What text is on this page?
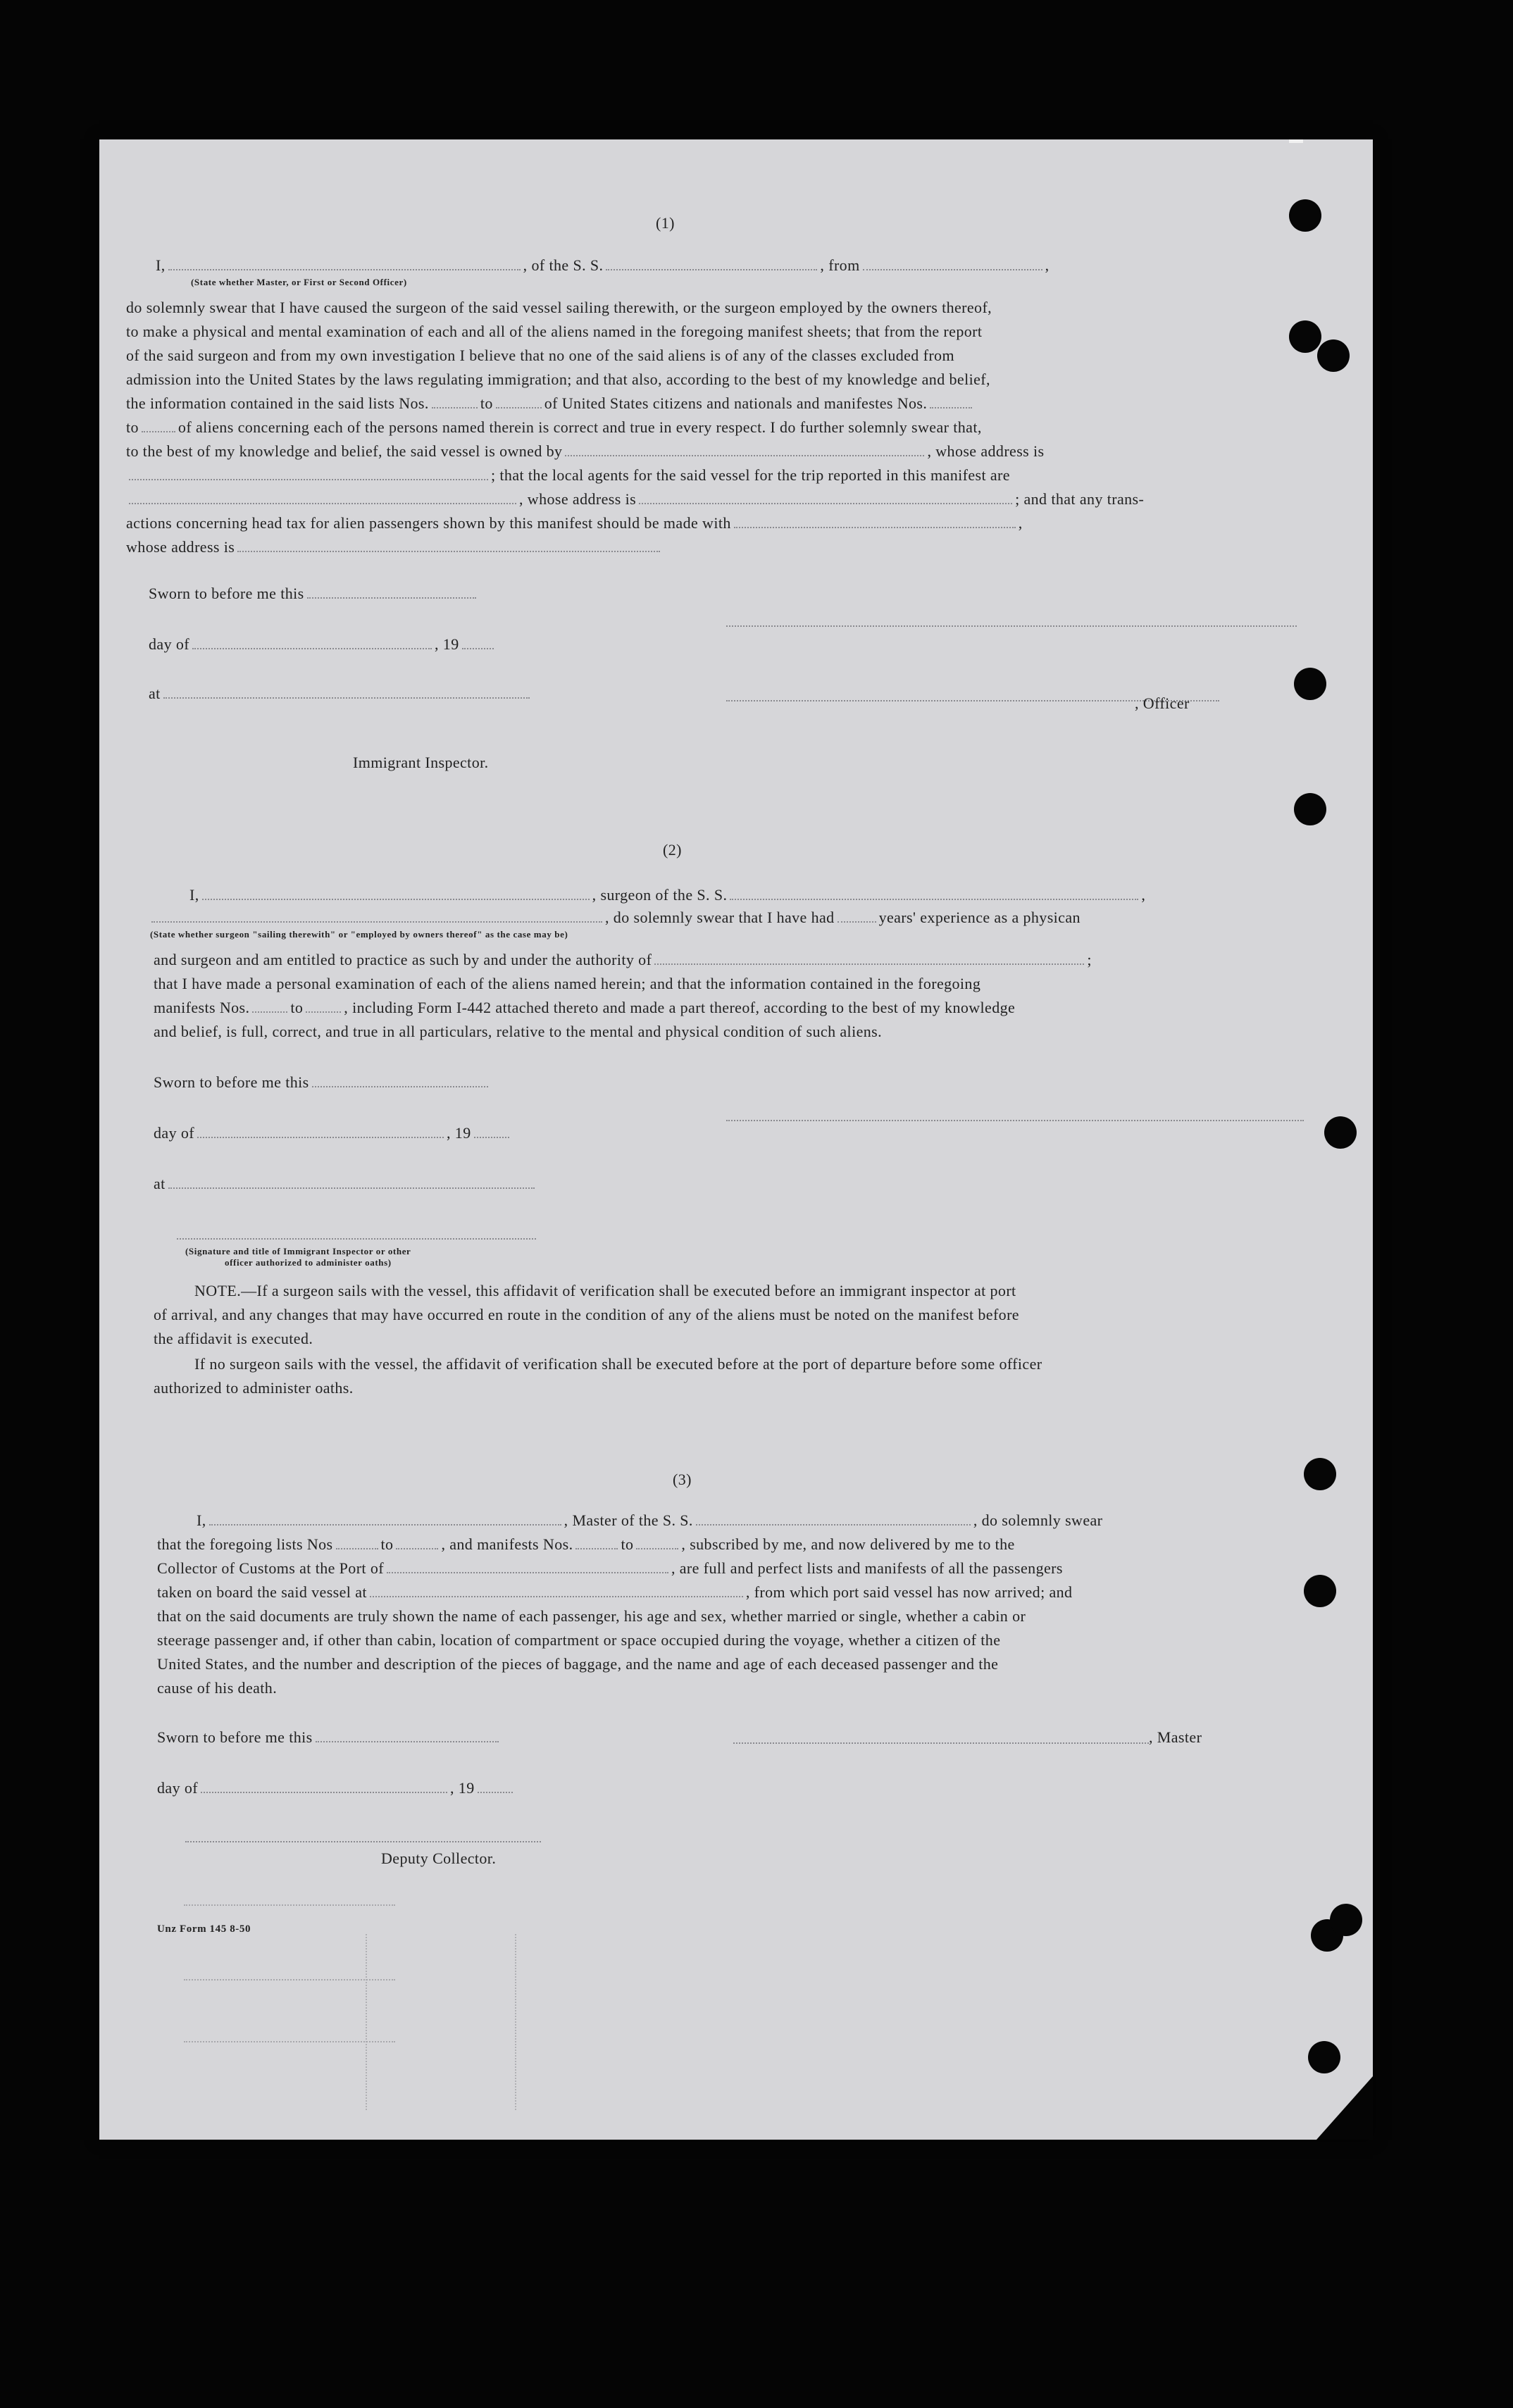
(1)
I,	, of the S. S.	, from	,
(State whether Master, or First or Second Officer)
do solemnly swear that I have caused the surgeon of the said vessel sailing therewith, or the surgeon employed by the owners thereof,
to make a physical and mental examination of each and all of the aliens named in the foregoing manifest sheets; that from the report
of the said surgeon and from my own investigation I believe that no one of the said aliens is of any of the classes excluded from
admission into the United States by the laws regulating immigration; and that also, according to the best of my knowledge and belief,
the information contained in the said lists Nos.	to	of United States citizens and nationals and manifestes Nos.
to	of aliens concerning each of the persons named therein is correct and true in every respect. I do further solemnly swear that,
to the best of my knowledge and belief, the said vessel is owned by	, whose address is
; that the local agents for the said vessel for the trip reported in this manifest are
, whose address is	; and that any trans-
actions concerning head tax for alien passengers shown by this manifest should be made with	,
whose address is
Sworn to before me this
day of	, 19
at
, Officer
Immigrant Inspector.
(2)
I,	, surgeon of the S. S.	,
, do solemnly swear that I have had	years' experience as a physican
(State whether surgeon "sailing therewith" or "employed by owners thereof" as the case may be)
and surgeon and am entitled to practice as such by and under the authority of	;
that I have made a personal examination of each of the aliens named herein; and that the information contained in the foregoing
manifests Nos.	to	, including Form I-442 attached thereto and made a part thereof, according to the best of my knowledge
and belief, is full, correct, and true in all particulars, relative to the mental and physical condition of such aliens.
Sworn to before me this
day of	, 19
at
(Signature and title of Immigrant Inspector or other
officer authorized to administer oaths)
NOTE.—If a surgeon sails with the vessel, this affidavit of verification shall be executed before an immigrant inspector at port
of arrival, and any changes that may have occurred en route in the condition of any of the aliens must be noted on the manifest before
the affidavit is executed.
If no surgeon sails with the vessel, the affidavit of verification shall be executed before at the port of departure before some officer
authorized to administer oaths.
(3)
I,	, Master of the S. S.	, do solemnly swear
that the foregoing lists Nos	to	, and manifests Nos.	to	, subscribed by me, and now delivered by me to the
Collector of Customs at the Port of	, are full and perfect lists and manifests of all the passengers
taken on board the said vessel at	, from which port said vessel has now arrived; and
that on the said documents are truly shown the name of each passenger, his age and sex, whether married or single, whether a cabin or
steerage passenger and, if other than cabin, location of compartment or space occupied during the voyage, whether a citizen of the
United States, and the number and description of the pieces of baggage, and the name and age of each deceased passenger and the
cause of his death.
Sworn to before me this	, Master
day of	, 19
Deputy Collector.
Unz Form 145 8-50
